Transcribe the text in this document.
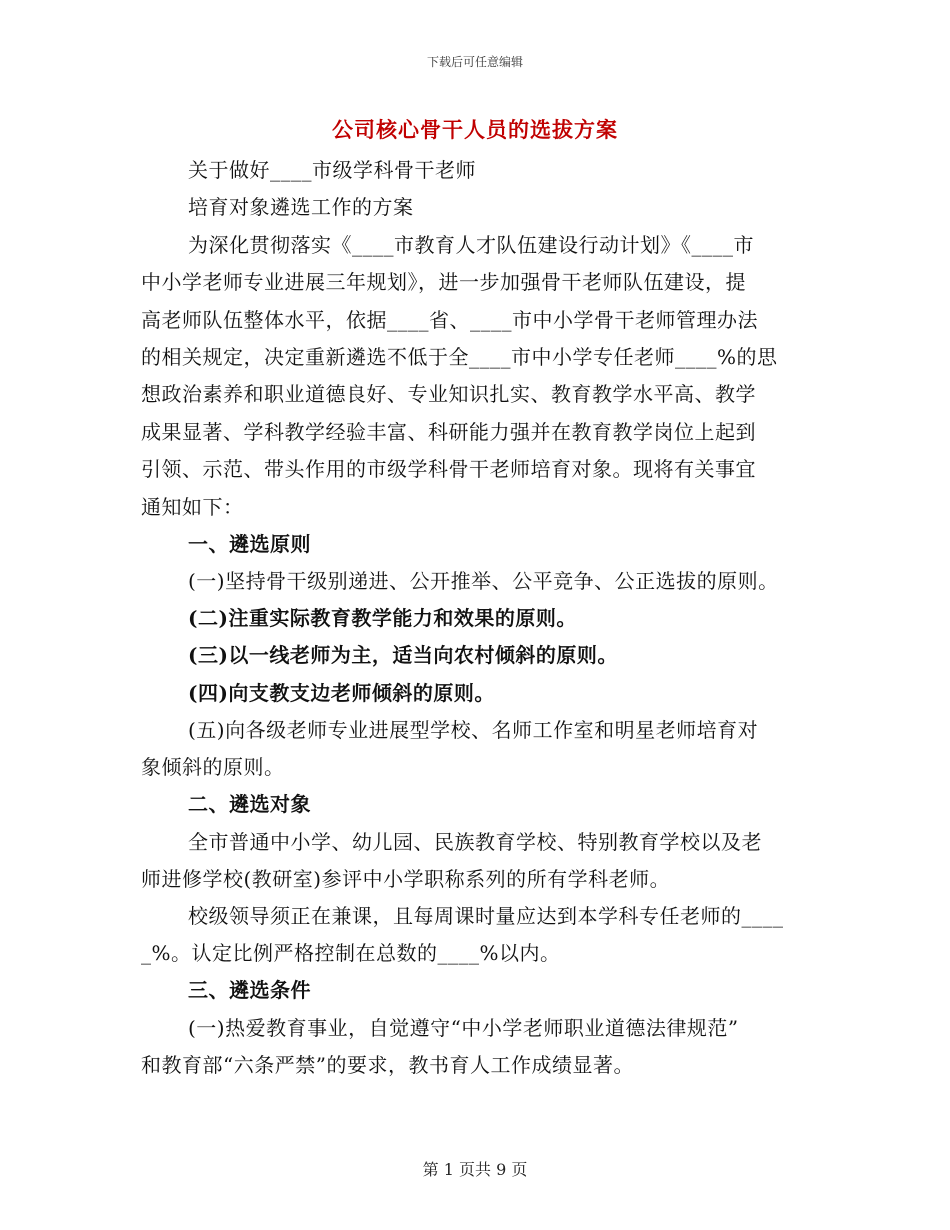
下载后可任意编辑
公司核心骨干人员的选拔方案
关于做好____市级学科骨干老师
培育对象遴选工作的方案
为深化贯彻落实《____市教育人才队伍建设行动计划》《____市
中小学老师专业进展三年规划》，进一步加强骨干老师队伍建设，提
高老师队伍整体水平，依据____省、____市中小学骨干老师管理办法
的相关规定，决定重新遴选不低于全____市中小学专任老师____%的思
想政治素养和职业道德良好、专业知识扎实、教育教学水平高、教学
成果显著、学科教学经验丰富、科研能力强并在教育教学岗位上起到
引领、示范、带头作用的市级学科骨干老师培育对象。现将有关事宜
通知如下：
一、遴选原则
(一)坚持骨干级别递进、公开推举、公平竞争、公正选拔的原则。
(二)注重实际教育教学能力和效果的原则。
(三)以一线老师为主，适当向农村倾斜的原则。
(四)向支教支边老师倾斜的原则。
(五)向各级老师专业进展型学校、名师工作室和明星老师培育对
象倾斜的原则。
二、遴选对象
全市普通中小学、幼儿园、民族教育学校、特别教育学校以及老
师进修学校(教研室)参评中小学职称系列的所有学科老师。
校级领导须正在兼课，且每周课时量应达到本学科专任老师的____
_%。认定比例严格控制在总数的____%以内。
三、遴选条件
(一)热爱教育事业，自觉遵守“中小学老师职业道德法律规范”
和教育部“六条严禁”的要求，教书育人工作成绩显著。
第 1 页共 9 页
